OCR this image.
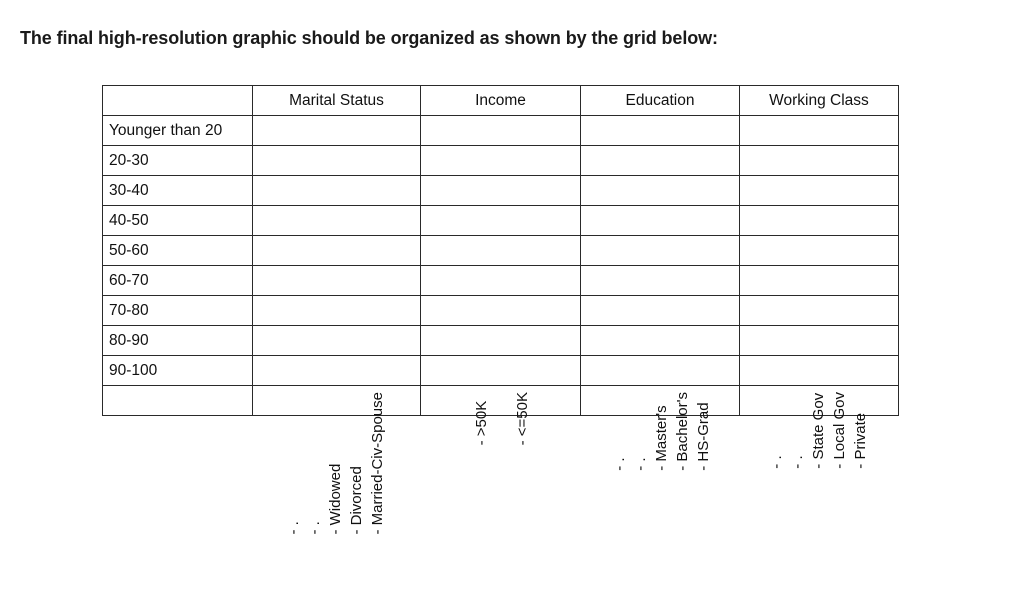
The final high-resolution graphic should be organized as shown by the grid below:
	Marital Status	Income	Education	Working Class
Younger than 20				
20-30				
30-40				
40-50				
50-60				
60-70				
70-80				
80-90				
90-100				

	- . - . - Widowed - Divorced - Married-Civ-Spouse	- >50K - <=50K	- . - . - Master's - Bachelor's - HS-Grad	- . - . - State Gov - Local Gov - Private
